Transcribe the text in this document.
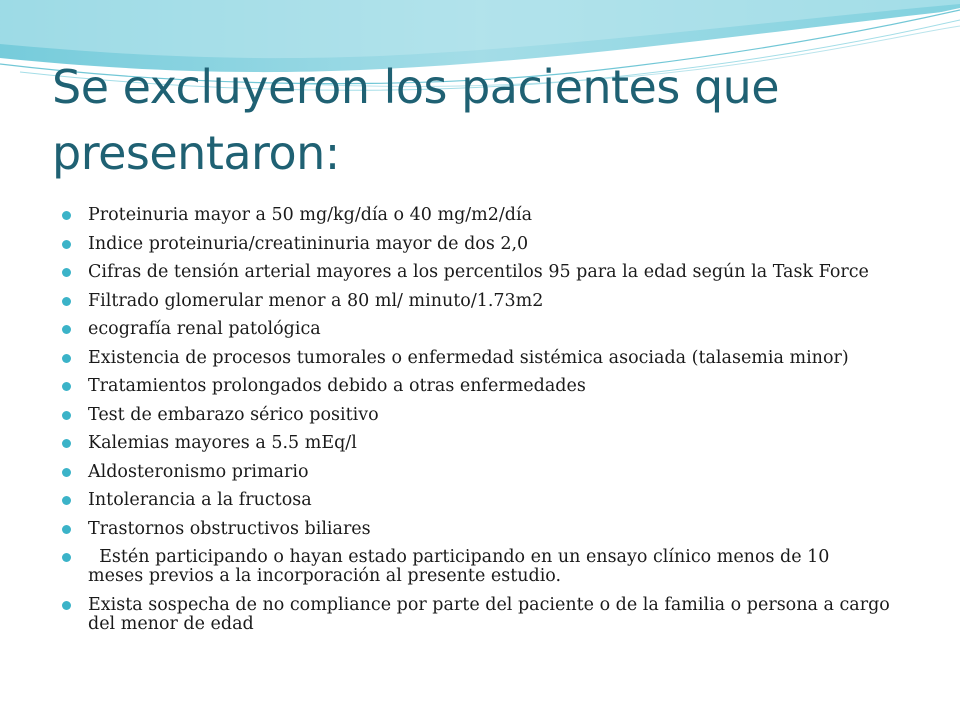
Se excluyeron los pacientes que presentaron:
Proteinuria mayor a 50 mg/kg/día o 40 mg/m2/día
Indice proteinuria/creatininuria mayor de dos 2,0
Cifras de tensión arterial mayores a los percentilos 95 para la edad según la Task Force
Filtrado glomerular menor a 80 ml/ minuto/1.73m2
ecografía renal patológica
Existencia de procesos tumorales o enfermedad sistémica asociada (talasemia minor)
Tratamientos prolongados debido a otras enfermedades
Test de embarazo sérico positivo
Kalemias mayores a 5.5 mEq/l
Aldosteronismo primario
Intolerancia a la fructosa
Trastornos obstructivos biliares
Estén participando o hayan estado participando en un ensayo clínico menos de 10 meses previos a la incorporación al presente estudio.
Exista sospecha de no compliance por parte del paciente o de la familia o persona a cargo del menor de edad
